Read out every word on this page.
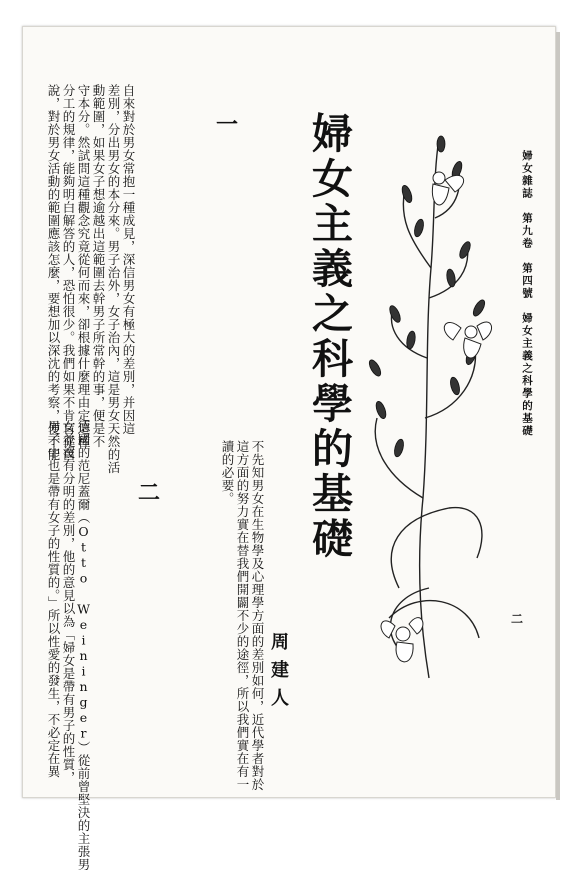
婦女雜誌　第九卷　第四號　婦女主義之科學的基礎
二
婦女主義之科學的基礎
周建人
不先知男女在生物學及心理學方面的差別如何，近代學者對於
這方面的努力實在替我們開闢不少的途徑，所以我們實在有一
讀的必要。
一
自來對於男女常抱一種成見，深信男女有極大的差別，并因這
差別，分出男女的本分來。男子治外，女子治內，這是男女天然的活
動範圍，如果女子想逾越出這範圍去幹男子所常幹的事，便是不
守本分。然試問這種觀念究竟從何而來，卻根據什麼理由定這種
分工的規律，能夠明白解答的人，恐怕很少。我們如果不肯盲從舊
說，對於男女活動的範圍應該怎麼，要想加以深沈的考察，便不能
二
德國的范尼蓋爾（Otto Weininger）從前曾堅決的主張男
女並沒有分明的差別，他的意見以為「婦女是帶有男子的性質，
男子中也是帶有女子的性質的。」所以性愛的發生，不必定在異
